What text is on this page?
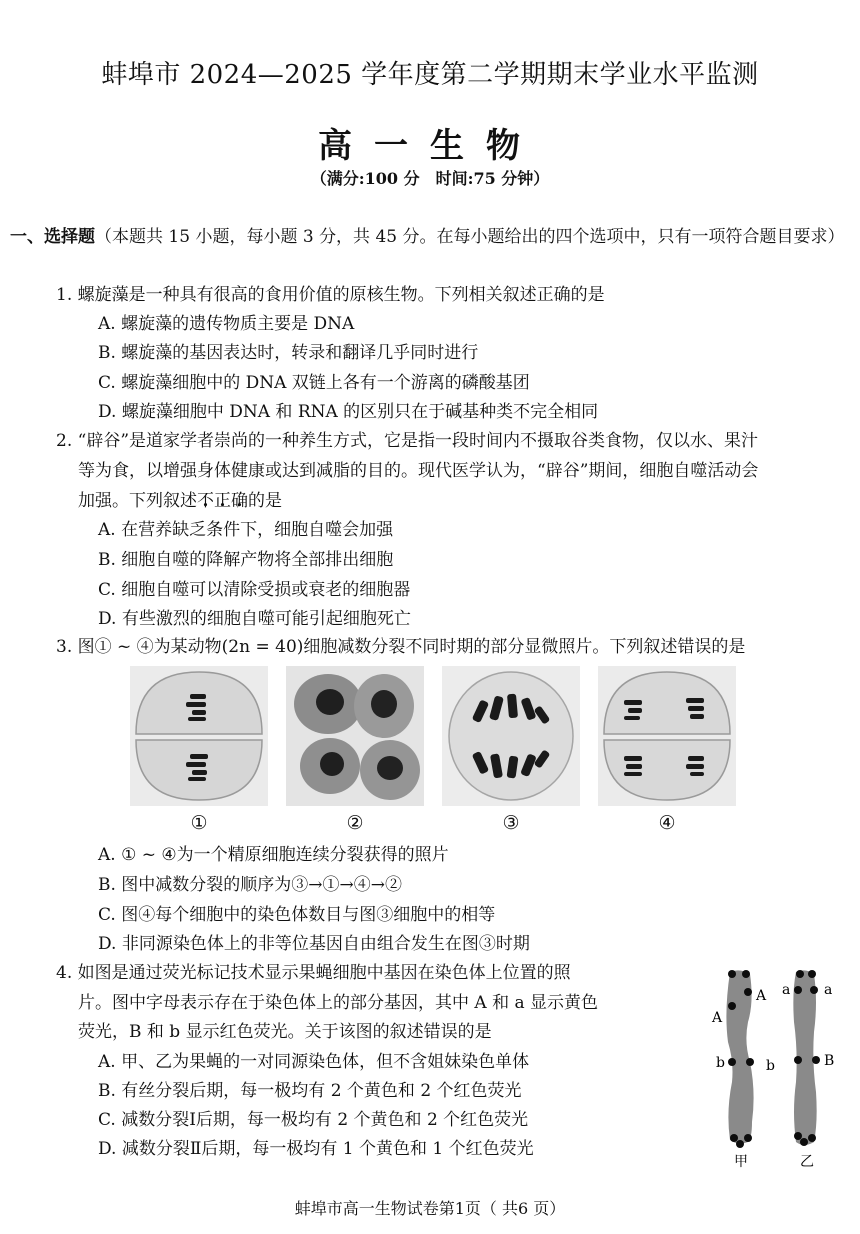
蚌埠市 2024—2025 学年度第二学期期末学业水平监测
高一生物
（满分:100 分　时间:75 分钟）
一、选择题（本题共 15 小题，每小题 3 分，共 45 分。在每小题给出的四个选项中，只有一项符合题目要求）
1. 螺旋藻是一种具有很高的食用价值的原核生物。下列相关叙述正确的是
A. 螺旋藻的遗传物质主要是 DNA
B. 螺旋藻的基因表达时，转录和翻译几乎同时进行
C. 螺旋藻细胞中的 DNA 双链上各有一个游离的磷酸基团
D. 螺旋藻细胞中 DNA 和 RNA 的区别只在于碱基种类不完全相同
2. “辟谷”是道家学者崇尚的一种养生方式，它是指一段时间内不摄取谷类食物，仅以水、果汁
等为食，以增强身体健康或达到减脂的目的。现代医学认为，“辟谷”期间，细胞自噬活动会
加强。下列叙述不正确的是
A. 在营养缺乏条件下，细胞自噬会加强
B. 细胞自噬的降解产物将全部排出细胞
C. 细胞自噬可以清除受损或衰老的细胞器
D. 有些激烈的细胞自噬可能引起细胞死亡
3. 图① ~ ④为某动物(2n = 40)细胞减数分裂不同时期的部分显微照片。下列叙述错误的是
①	②	③	④
A. ① ~ ④为一个精原细胞连续分裂获得的照片
B. 图中减数分裂的顺序为③→①→④→②
C. 图④每个细胞中的染色体数目与图③细胞中的相等
D. 非同源染色体上的非等位基因自由组合发生在图③时期
4. 如图是通过荧光标记技术显示果蝇细胞中基因在染色体上位置的照
片。图中字母表示存在于染色体上的部分基因，其中 A 和 a 显示黄色
荧光，B 和 b 显示红色荧光。关于该图的叙述错误的是
A. 甲、乙为果蝇的一对同源染色体，但不含姐妹染色单体
B. 有丝分裂后期，每一极均有 2 个黄色和 2 个红色荧光
C. 减数分裂Ⅰ后期，每一极均有 2 个黄色和 2 个红色荧光
D. 减数分裂Ⅱ后期，每一极均有 1 个黄色和 1 个红色荧光
A
A
b	b
a a
B
甲	乙
蚌埠市高一生物试卷第1页（ 共6 页）
